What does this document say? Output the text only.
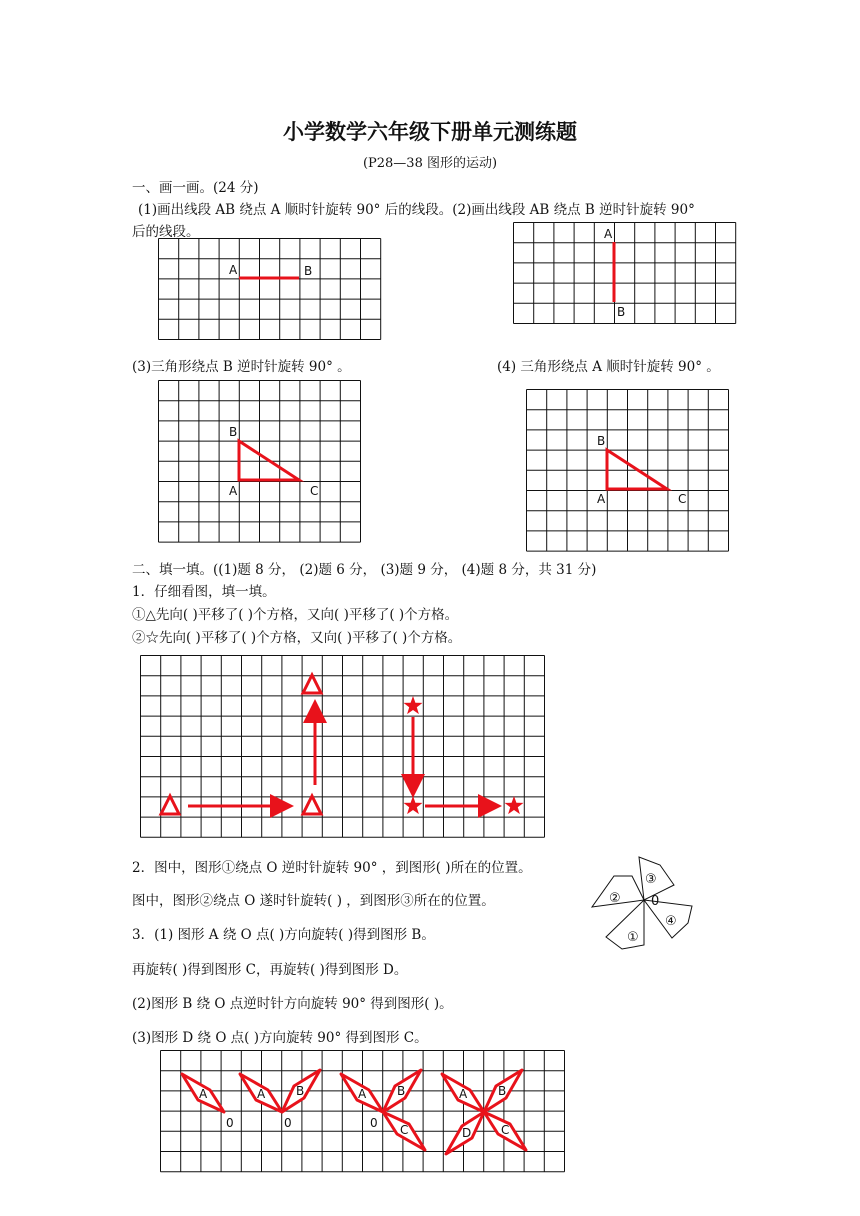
小学数学六年级下册单元测练题
(P28—38 图形的运动)
一、画一画。(24 分)
(1)画出线段 AB 绕点 A 顺时针旋转 90° 后的线段。(2)画出线段 AB 绕点 B 逆时针旋转 90°
后的线段。
A	B
A
B
(3)三角形绕点 B 逆时针旋转 90° 。	(4) 三角形绕点 A 顺时针旋转 90° 。
B
A	C
B
A	C
二、填一填。((1)题 8 分， (2)题 6 分， (3)题 9 分， (4)题 8 分，共 31 分)
1．仔细看图，填一填。
①△先向( )平移了( )个方格，又向( )平移了( )个方格。
②☆先向( )平移了( )个方格，又向( )平移了( )个方格。
2．图中，图形①绕点 O 逆时针旋转 90° ，到图形( )所在的位置。
图中，图形②绕点 O 遂时针旋转( ) ，到图形③所在的位置。
3．(1) 图形 A 绕 O 点( )方向旋转( )得到图形 B。
再旋转( )得到图形 C，再旋转( )得到图形 D。
(2)图形 B 绕 O 点逆时针方向旋转 90° 得到图形( )。
(3)图形 D 绕 O 点( )方向旋转 90° 得到图形 C。
②
③
④
①
0
A
0
A	B
0
A	B
C
0
A	B
C
D
